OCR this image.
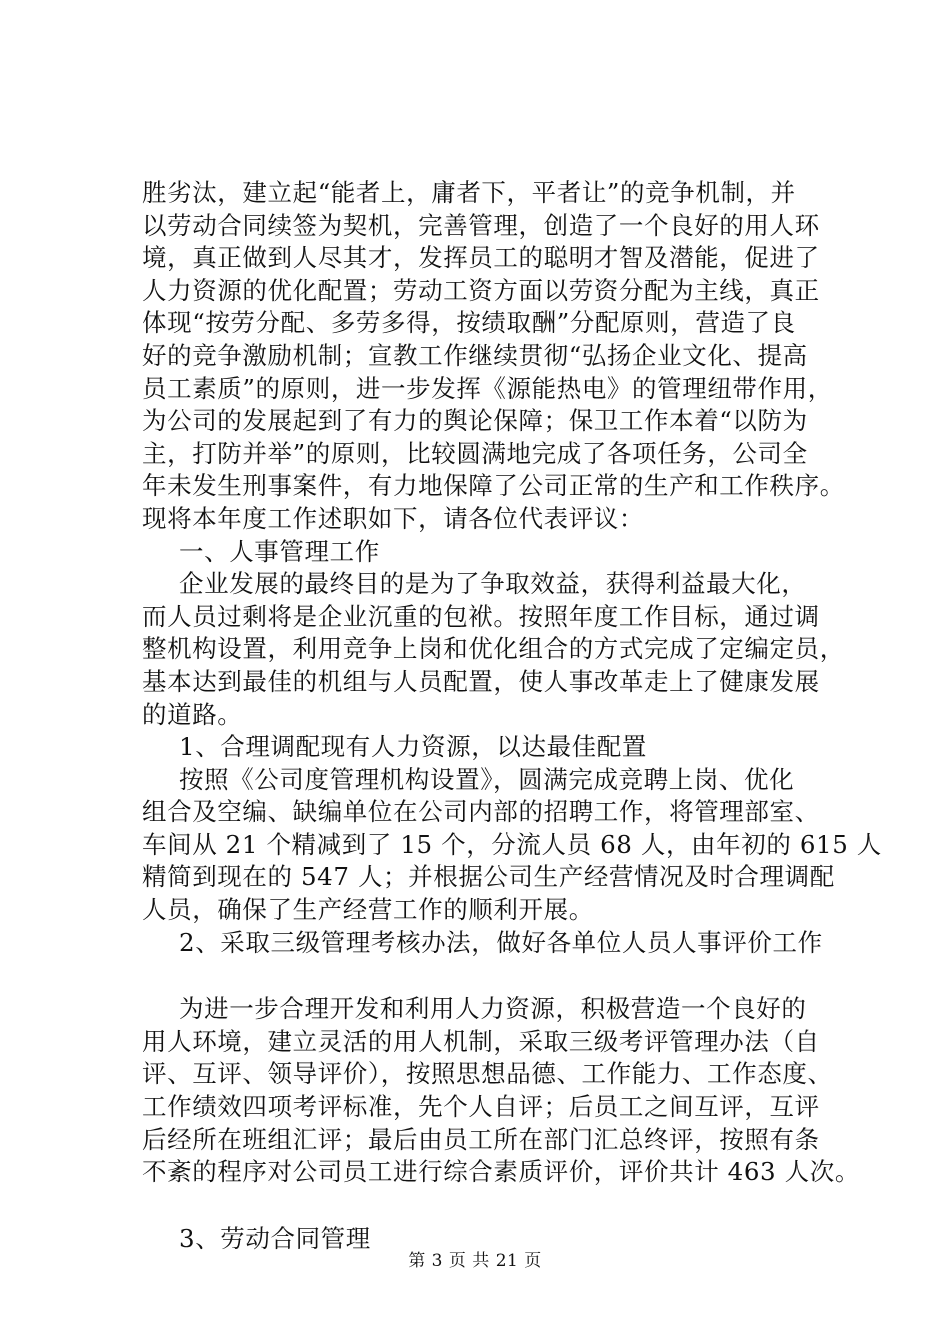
胜劣汰，建立起“能者上，庸者下，平者让”的竞争机制，并
以劳动合同续签为契机，完善管理，创造了一个良好的用人环
境，真正做到人尽其才，发挥员工的聪明才智及潜能，促进了
人力资源的优化配置；劳动工资方面以劳资分配为主线，真正
体现“按劳分配、多劳多得，按绩取酬”分配原则，营造了良
好的竞争激励机制；宣教工作继续贯彻“弘扬企业文化、提高
员工素质”的原则，进一步发挥《源能热电》的管理纽带作用，
为公司的发展起到了有力的舆论保障；保卫工作本着“以防为
主，打防并举”的原则，比较圆满地完成了各项任务，公司全
年未发生刑事案件，有力地保障了公司正常的生产和工作秩序。
现将本年度工作述职如下，请各位代表评议：
一、人事管理工作
企业发展的最终目的是为了争取效益，获得利益最大化，
而人员过剩将是企业沉重的包袱。按照年度工作目标，通过调
整机构设置，利用竞争上岗和优化组合的方式完成了定编定员，
基本达到最佳的机组与人员配置，使人事改革走上了健康发展
的道路。
1、合理调配现有人力资源，以达最佳配置
按照《公司度管理机构设置》，圆满完成竞聘上岗、优化
组合及空编、缺编单位在公司内部的招聘工作，将管理部室、
车间从 21 个精减到了 15 个，分流人员 68 人，由年初的 615 人
精简到现在的 547 人；并根据公司生产经营情况及时合理调配
人员，确保了生产经营工作的顺利开展。
2、采取三级管理考核办法，做好各单位人员人事评价工作
为进一步合理开发和利用人力资源，积极营造一个良好的
用人环境，建立灵活的用人机制，采取三级考评管理办法（自
评、互评、领导评价），按照思想品德、工作能力、工作态度、
工作绩效四项考评标准，先个人自评；后员工之间互评，互评
后经所在班组汇评；最后由员工所在部门汇总终评，按照有条
不紊的程序对公司员工进行综合素质评价，评价共计 463 人次。
3、劳动合同管理
第 3 页 共 21 页
